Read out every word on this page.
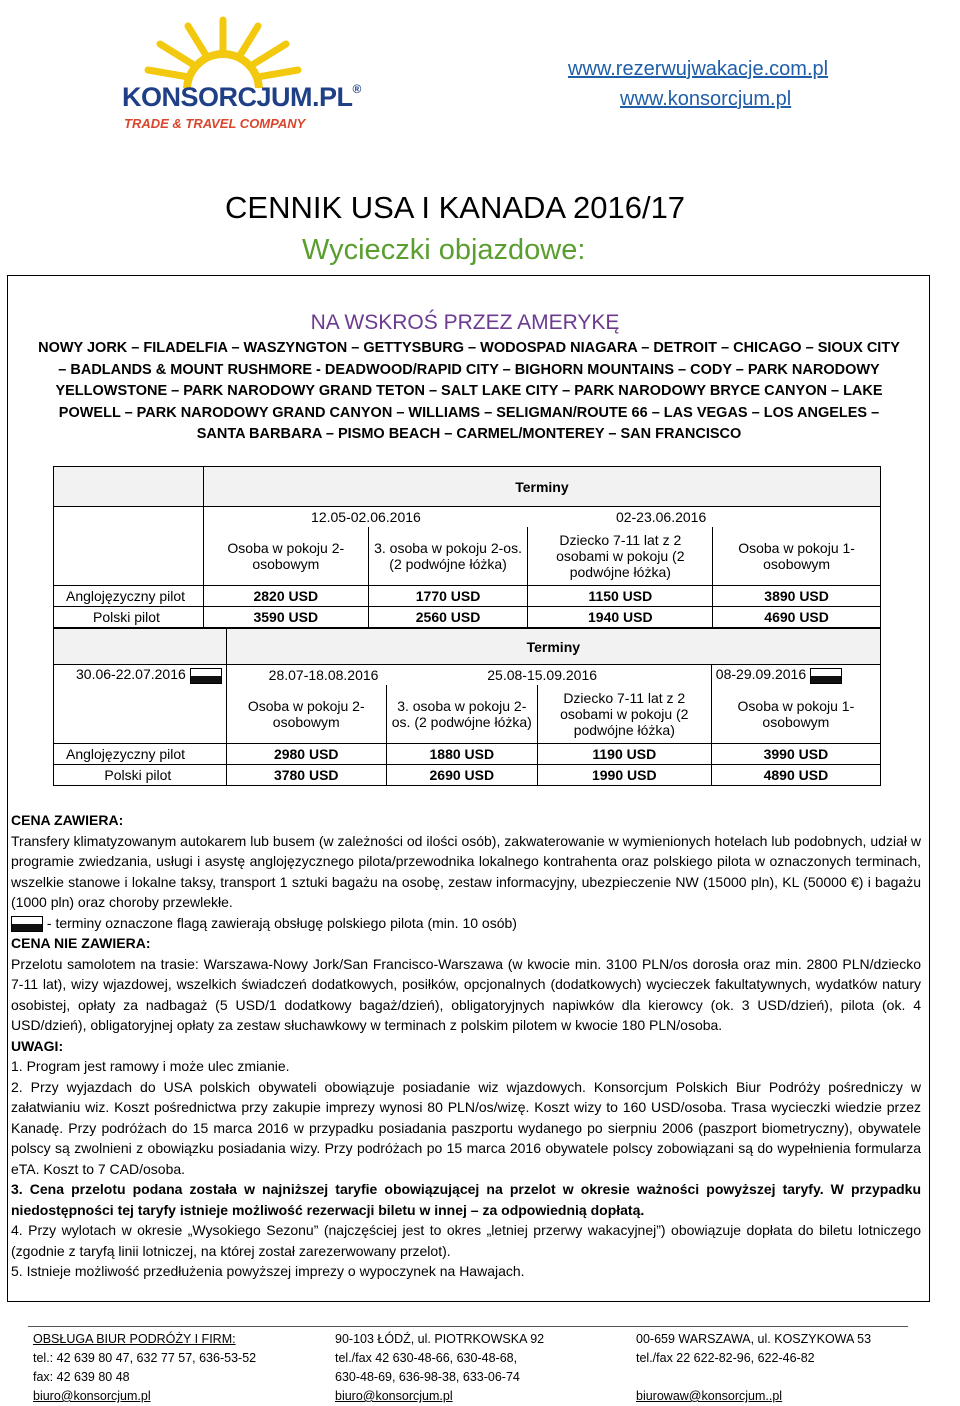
KONSORCJUM.PL®
TRADE & TRAVEL COMPANY
www.rezerwujwakacje.com.pl
www.konsorcjum.pl
CENNIK USA I KANADA 2016/17
Wycieczki objazdowe:
NA WSKROŚ PRZEZ AMERYKĘ
NOWY JORK – FILADELFIA – WASZYNGTON – GETTYSBURG – WODOSPAD NIAGARA – DETROIT – CHICAGO – SIOUX CITY
– BADLANDS & MOUNT RUSHMORE - DEADWOOD/RAPID CITY – BIGHORN MOUNTAINS – CODY – PARK NARODOWY
YELLOWSTONE – PARK NARODOWY GRAND TETON – SALT LAKE CITY – PARK NARODOWY BRYCE CANYON – LAKE
POWELL – PARK NARODOWY GRAND CANYON – WILLIAMS – SELIGMAN/ROUTE 66 – LAS VEGAS – LOS ANGELES –
SANTA BARBARA – PISMO BEACH – CARMEL/MONTEREY – SAN FRANCISCO
	Terminy			
	12.05-02.06.2016		02-23.06.2016	
	Osoba w pokoju 2-osobowym	3. osoba w pokoju 2-os. (2 podwójne łóżka)	Dziecko 7-11 lat z 2 osobami w pokoju (2 podwójne łóżka)	Osoba w pokoju 1-osobowym
Anglojęzyczny pilot	2820 USD	1770 USD	1150 USD	3890 USD
Polski pilot	3590 USD	2560 USD	1940 USD	4690 USD
	Terminy			
30.06-22.07.2016	28.07-18.08.2016		25.08-15.09.2016	08-29.09.2016
	Osoba w pokoju 2-osobowym	3. osoba w pokoju 2-os. (2 podwójne łóżka)	Dziecko 7-11 lat z 2 osobami w pokoju (2 podwójne łóżka)	Osoba w pokoju 1-osobowym
Anglojęzyczny pilot	2980 USD	1880 USD	1190 USD	3990 USD
Polski pilot	3780 USD	2690 USD	1990 USD	4890 USD
CENA ZAWIERA:
Transfery klimatyzowanym autokarem lub busem (w zależności od ilości osób), zakwaterowanie w wymienionych hotelach lub podobnych, udział w programie zwiedzania, usługi i asystę anglojęzycznego pilota/przewodnika lokalnego kontrahenta oraz polskiego pilota w oznaczonych terminach, wszelkie stanowe i lokalne taksy, transport 1 sztuki bagażu na osobę, zestaw informacyjny, ubezpieczenie NW (15000 pln), KL (50000 €) i bagażu (1000 pln) oraz choroby przewlekłe.
- terminy oznaczone flagą zawierają obsługę polskiego pilota (min. 10 osób)
CENA NIE ZAWIERA:
Przelotu samolotem na trasie: Warszawa-Nowy Jork/San Francisco-Warszawa (w kwocie min. 3100 PLN/os dorosła oraz min. 2800 PLN/dziecko 7-11 lat), wizy wjazdowej, wszelkich świadczeń dodatkowych, posiłków, opcjonalnych (dodatkowych) wycieczek fakultatywnych, wydatków natury osobistej, opłaty za nadbagaż (5 USD/1 dodatkowy bagaż/dzień), obligatoryjnych napiwków dla kierowcy (ok. 3 USD/dzień), pilota (ok. 4 USD/dzień), obligatoryjnej opłaty za zestaw słuchawkowy w terminach z polskim pilotem w kwocie 180 PLN/osoba.
UWAGI:
1. Program jest ramowy i może ulec zmianie.
2. Przy wyjazdach do USA polskich obywateli obowiązuje posiadanie wiz wjazdowych. Konsorcjum Polskich Biur Podróży pośredniczy w załatwianiu wiz. Koszt pośrednictwa przy zakupie imprezy wynosi 80 PLN/os/wizę. Koszt wizy to 160 USD/osoba. Trasa wycieczki wiedzie przez Kanadę. Przy podróżach do 15 marca 2016 w przypadku posiadania paszportu wydanego po sierpniu 2006 (paszport biometryczny), obywatele polscy są zwolnieni z obowiązku posiadania wizy. Przy podróżach po 15 marca 2016 obywatele polscy zobowiązani są do wypełnienia formularza eTA. Koszt to 7 CAD/osoba.
3. Cena przelotu podana została w najniższej taryfie obowiązującej na przelot w okresie ważności powyższej taryfy. W przypadku niedostępności tej taryfy istnieje możliwość rezerwacji biletu w innej – za odpowiednią dopłatą.
4. Przy wylotach w okresie „Wysokiego Sezonu” (najczęściej jest to okres „letniej przerwy wakacyjnej”) obowiązuje dopłata do biletu lotniczego (zgodnie z taryfą linii lotniczej, na której został zarezerwowany przelot).
5. Istnieje możliwość przedłużenia powyższej imprezy o wypoczynek na Hawajach.
OBSŁUGA BIUR PODRÓŻY I FIRM:
tel.: 42 639 80 47, 632 77 57, 636-53-52
fax: 42 639 80 48
biuro@konsorcjum.pl
90-103 ŁÓDŹ, ul. PIOTRKOWSKA 92
tel./fax 42 630-48-66, 630-48-68,
630-48-69, 636-98-38, 633-06-74
biuro@konsorcjum.pl
00-659 WARSZAWA, ul. KOSZYKOWA 53
tel./fax 22 622-82-96, 622-46-82
biurowaw@konsorcjum..pl
